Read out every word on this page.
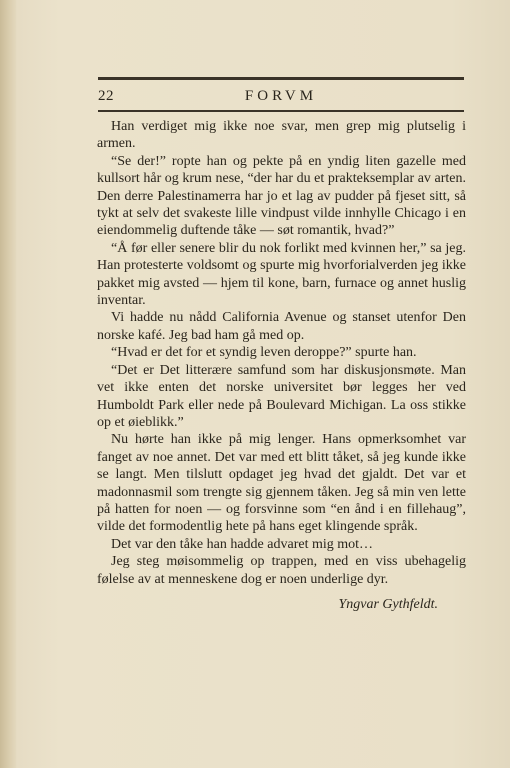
22	FORVM

Han verdiget mig ikke noe svar, men grep mig plutselig i armen.

“Se der!” ropte han og pekte på en yndig liten gazelle med kullsort hår og krum nese, “der har du et prakteksemplar av arten. Den derre Palestinamerra har jo et lag av pudder på fjeset sitt, så tykt at selv det svakeste lille vindpust vilde innhylle Chicago i en eiendommelig duftende tåke — søt romantik, hvad?”

“Å før eller senere blir du nok forlikt med kvinnen her,” sa jeg. Han protesterte voldsomt og spurte mig hvorforialverden jeg ikke pakket mig avsted — hjem til kone, barn, furnace og annet huslig inventar.

Vi hadde nu nådd California Avenue og stanset utenfor Den norske kafé. Jeg bad ham gå med op.

“Hvad er det for et syndig leven deroppe?” spurte han.

“Det er Det litterære samfund som har diskusjonsmøte. Man vet ikke enten det norske universitet bør legges her ved Humboldt Park eller nede på Boulevard Michigan. La oss stikke op et øieblikk.”

Nu hørte han ikke på mig lenger. Hans opmerksomhet var fanget av noe annet. Det var med ett blitt tåket, så jeg kunde ikke se langt. Men tilslutt opdaget jeg hvad det gjaldt. Det var et madonnasmil som trengte sig gjennem tåken. Jeg så min ven lette på hatten for noen — og forsvinne som “en ånd i en fillehaug”, vilde det formodentlig hete på hans eget klingende språk.

Det var den tåke han hadde advaret mig mot…

Jeg steg møisommelig op trappen, med en viss ubehagelig følelse av at menneskene dog er noen underlige dyr.

Yngvar Gythfeldt.
